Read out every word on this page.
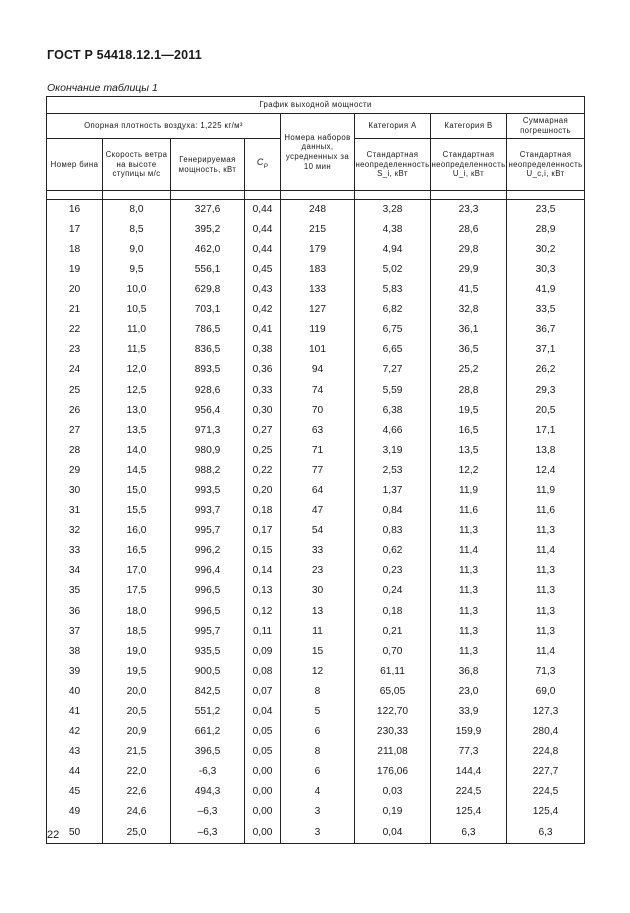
ГОСТ Р 54418.12.1—2011
Окончание таблицы 1
График выходной мощности							
Опорная плотность воздуха: 1,225 кг/м³				Номера наборов данных, усредненных за 10 мин	Категория А	Категория В	Суммарная погрешность
Номер бина	Скорость ветра на высоте ступицы м/с	Генерируемая мощность, кВт	$C_P$		Стандартная неопределенность S_i, кВт	Стандартная неопределенность U_i, кВт	Стандартная неопределенность U_c,i, кВт

16	8,0	327,6	0,44	248	3,28	23,3	23,5
17	8,5	395,2	0,44	215	4,38	28,6	28,9
18	9,0	462,0	0,44	179	4,94	29,8	30,2
19	9,5	556,1	0,45	183	5,02	29,9	30,3
20	10,0	629,8	0,43	133	5,83	41,5	41,9
21	10,5	703,1	0,42	127	6,82	32,8	33,5
22	11,0	786,5	0,41	119	6,75	36,1	36,7
23	11,5	836,5	0,38	101	6,65	36,5	37,1
24	12,0	893,5	0,36	94	7,27	25,2	26,2
25	12,5	928,6	0,33	74	5,59	28,8	29,3
26	13,0	956,4	0,30	70	6,38	19,5	20,5
27	13,5	971,3	0,27	63	4,66	16,5	17,1
28	14,0	980,9	0,25	71	3,19	13,5	13,8
29	14,5	988,2	0,22	77	2,53	12,2	12,4
30	15,0	993,5	0,20	64	1,37	11,9	11,9
31	15,5	993,7	0,18	47	0,84	11,6	11,6
32	16,0	995,7	0,17	54	0,83	11,3	11,3
33	16,5	996,2	0,15	33	0,62	11,4	11,4
34	17,0	996,4	0,14	23	0,23	11,3	11,3
35	17,5	996,5	0,13	30	0,24	11,3	11,3
36	18,0	996,5	0,12	13	0,18	11,3	11,3
37	18,5	995,7	0,11	11	0,21	11,3	11,3
38	19,0	935,5	0,09	15	0,70	11,3	11,4
39	19,5	900,5	0,08	12	61,11	36,8	71,3
40	20,0	842,5	0,07	8	65,05	23,0	69,0
41	20,5	551,2	0,04	5	122,70	33,9	127,3
42	20,9	661,2	0,05	6	230,33	159,9	280,4
43	21,5	396,5	0,05	8	211,08	77,3	224,8
44	22,0	-6,3	0,00	6	176,06	144,4	227,7
45	22,6	494,3	0,00	4	0,03	224,5	224,5
49	24,6	–6,3	0,00	3	0,19	125,4	125,4
50	25,0	–6,3	0,00	3	0,04	6,3	6,3
22
